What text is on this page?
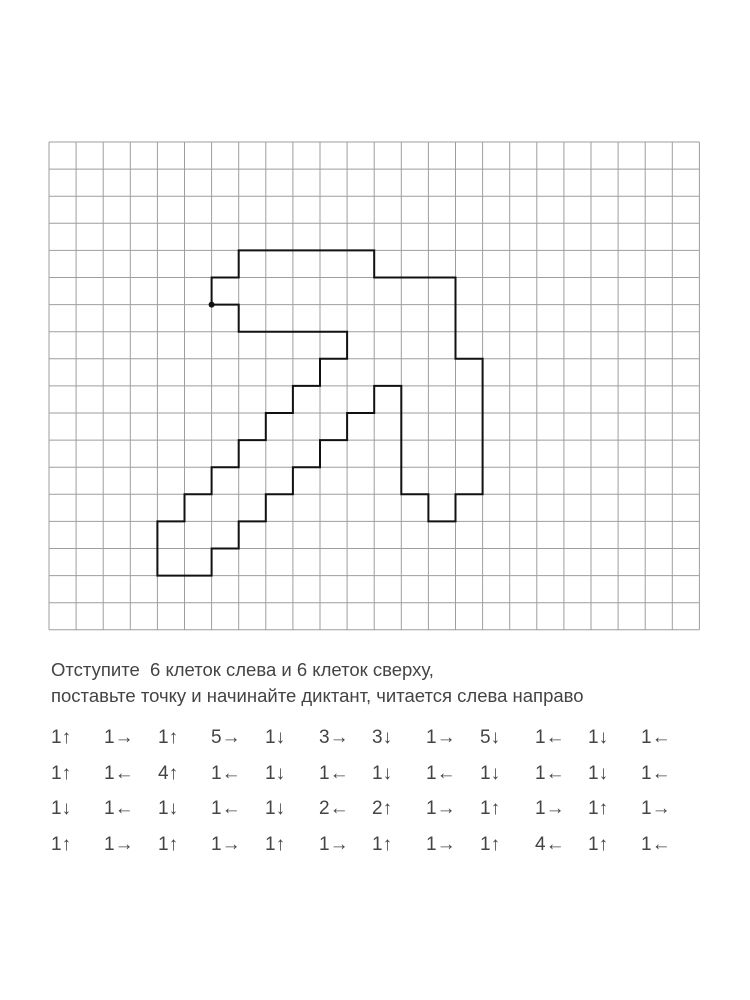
Отступите  6 клеток слева и 6 клеток сверху,
поставьте точку и начинайте диктант, читается слева направо
1↑ 1→ 1↑ 5→ 1↓ 3→ 3↓ 1→ 5↓ 1← 1↓ 1←
1↑ 1← 4↑ 1← 1↓ 1← 1↓ 1← 1↓ 1← 1↓ 1←
1↓ 1← 1↓ 1← 1↓ 2← 2↑ 1→ 1↑ 1→ 1↑ 1→
1↑ 1→ 1↑ 1→ 1↑ 1→ 1↑ 1→ 1↑ 4← 1↑ 1←
